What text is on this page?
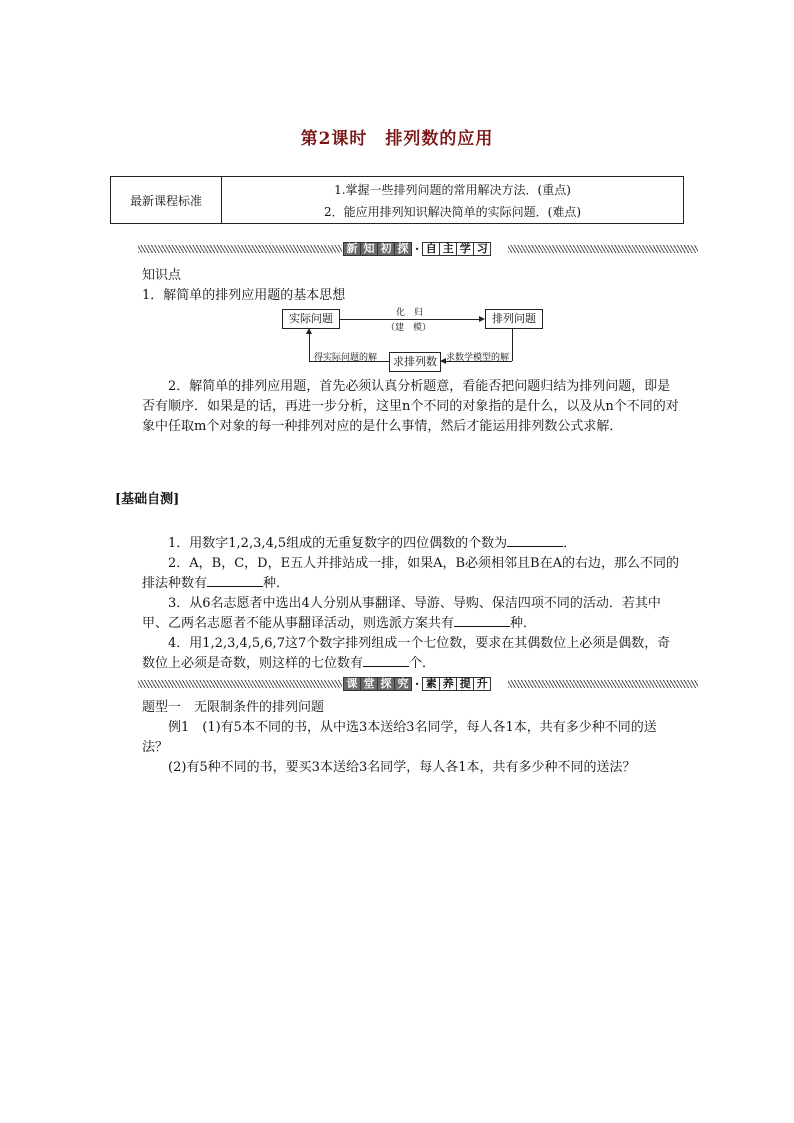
第2课时　排列数的应用
最新课程标准
1.掌握一些排列问题的常用解决方法．(重点)
2．能应用排列知识解决简单的实际问题．(难点)
新 知 初 探 · 自 主 学 习
知识点
1．解简单的排列应用题的基本思想
实际问题	排列问题
求排列数
化　归
（建　模）
求数学模型的解
得实际问题的解

2．解简单的排列应用题，首先必须认真分析题意，看能否把问题归结为排列问题，即是否有顺序．如果是的话，再进一步分析，这里n个不同的对象指的是什么，以及从n个不同的对象中任取m个对象的每一种排列对应的是什么事情，然后才能运用排列数公式求解．

[基础自测]

1．用数字1,2,3,4,5组成的无重复数字的四位偶数的个数为	．

2．A，B，C，D，E五人并排站成一排，如果A，B必须相邻且B在A的右边，那么不同的排法种数有	种．

3．从6名志愿者中选出4人分别从事翻译、导游、导购、保洁四项不同的活动．若其中甲、乙两名志愿者不能从事翻译活动，则选派方案共有	种．

4．用1,2,3,4,5,6,7这7个数字排列组成一个七位数，要求在其偶数位上必须是偶数，奇数位上必须是奇数，则这样的七位数有	个．

课 堂 探 究 · 素 养 提 升
题型一　无限制条件的排列问题

例1　(1)有5本不同的书，从中选3本送给3名同学，每人各1本，共有多少种不同的送法？

(2)有5种不同的书，要买3本送给3名同学，每人各1本，共有多少种不同的送法？
